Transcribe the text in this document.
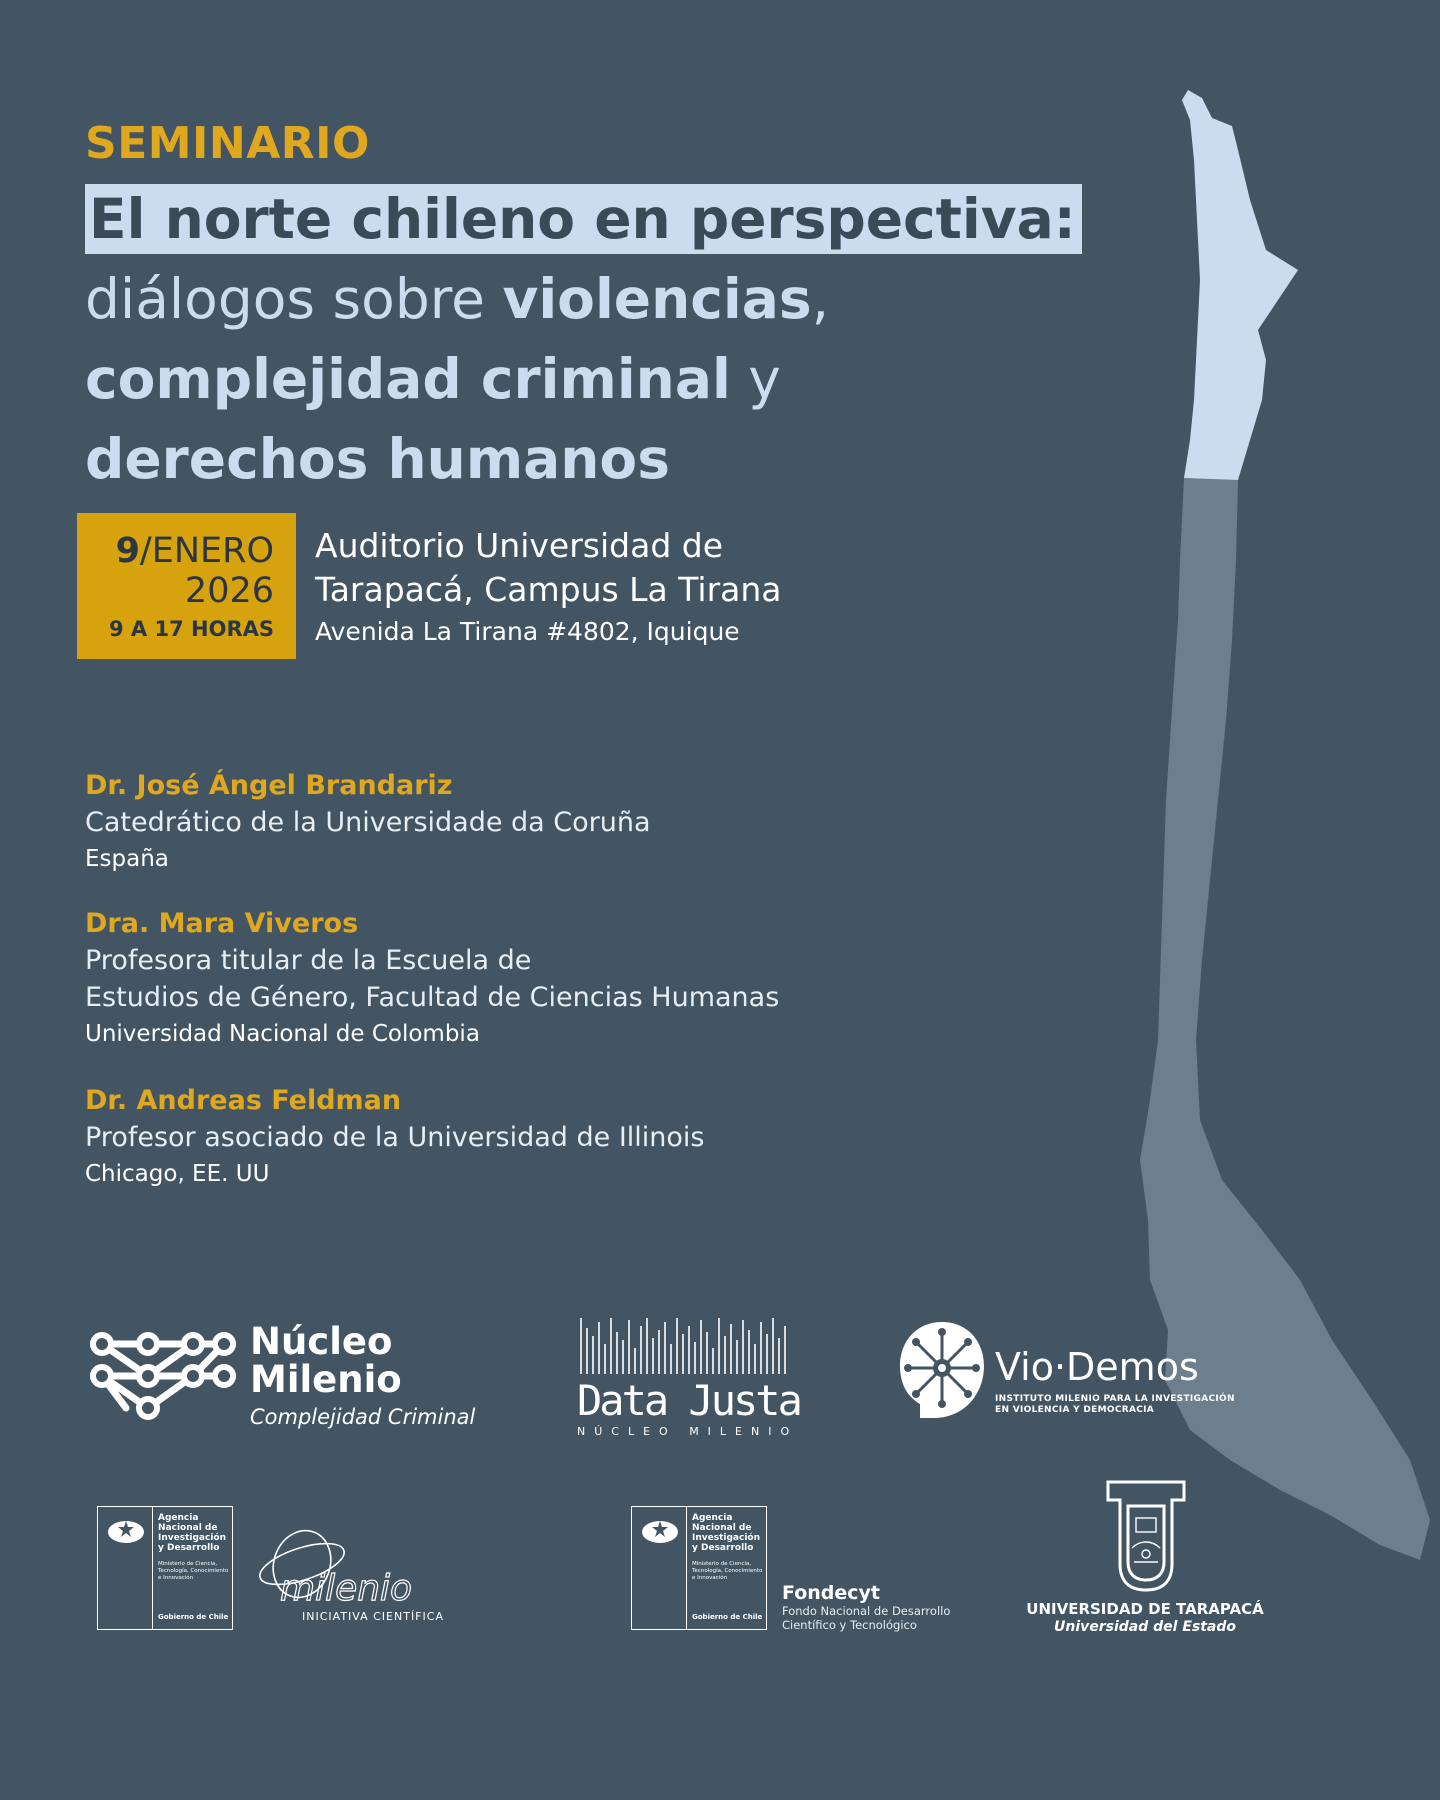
SEMINARIO
El norte chileno en perspectiva:
diálogos sobre violencias,
complejidad criminal y
derechos humanos
9/ENERO
2026
9 A 17 HORAS
Auditorio Universidad de
Tarapacá, Campus La Tirana
Avenida La Tirana #4802, Iquique
Dr. José Ángel Brandariz
Catedrático de la Universidade da Coruña
España
Dra. Mara Viveros
Profesora titular de la Escuela de
Estudios de Género, Facultad de Ciencias Humanas
Universidad Nacional de Colombia
Dr. Andreas Feldman
Profesor asociado de la Universidad de Illinois
Chicago, EE. UU
Núcleo
Milenio
Complejidad Criminal Data Justa
NÚCLEO MILENIO
Vio·Demos
INSTITUTO MILENIO PARA LA INVESTIGACIÓN
EN VIOLENCIA Y DEMOCRACIA
Agencia Nacional de Investigación y Desarrollo
Ministerio de Ciencia, Tecnología, Conocimiento e Innovación
Gobierno de Chile
milenio
INICIATIVA CIENTÍFICA
Agencia Nacional de Investigación y Desarrollo
Ministerio de Ciencia, Tecnología, Conocimiento e Innovación
Gobierno de Chile
Fondecyt
Fondo Nacional de Desarrollo
Científico y Tecnológico
UNIVERSIDAD DE TARAPACÁ
Universidad del Estado
